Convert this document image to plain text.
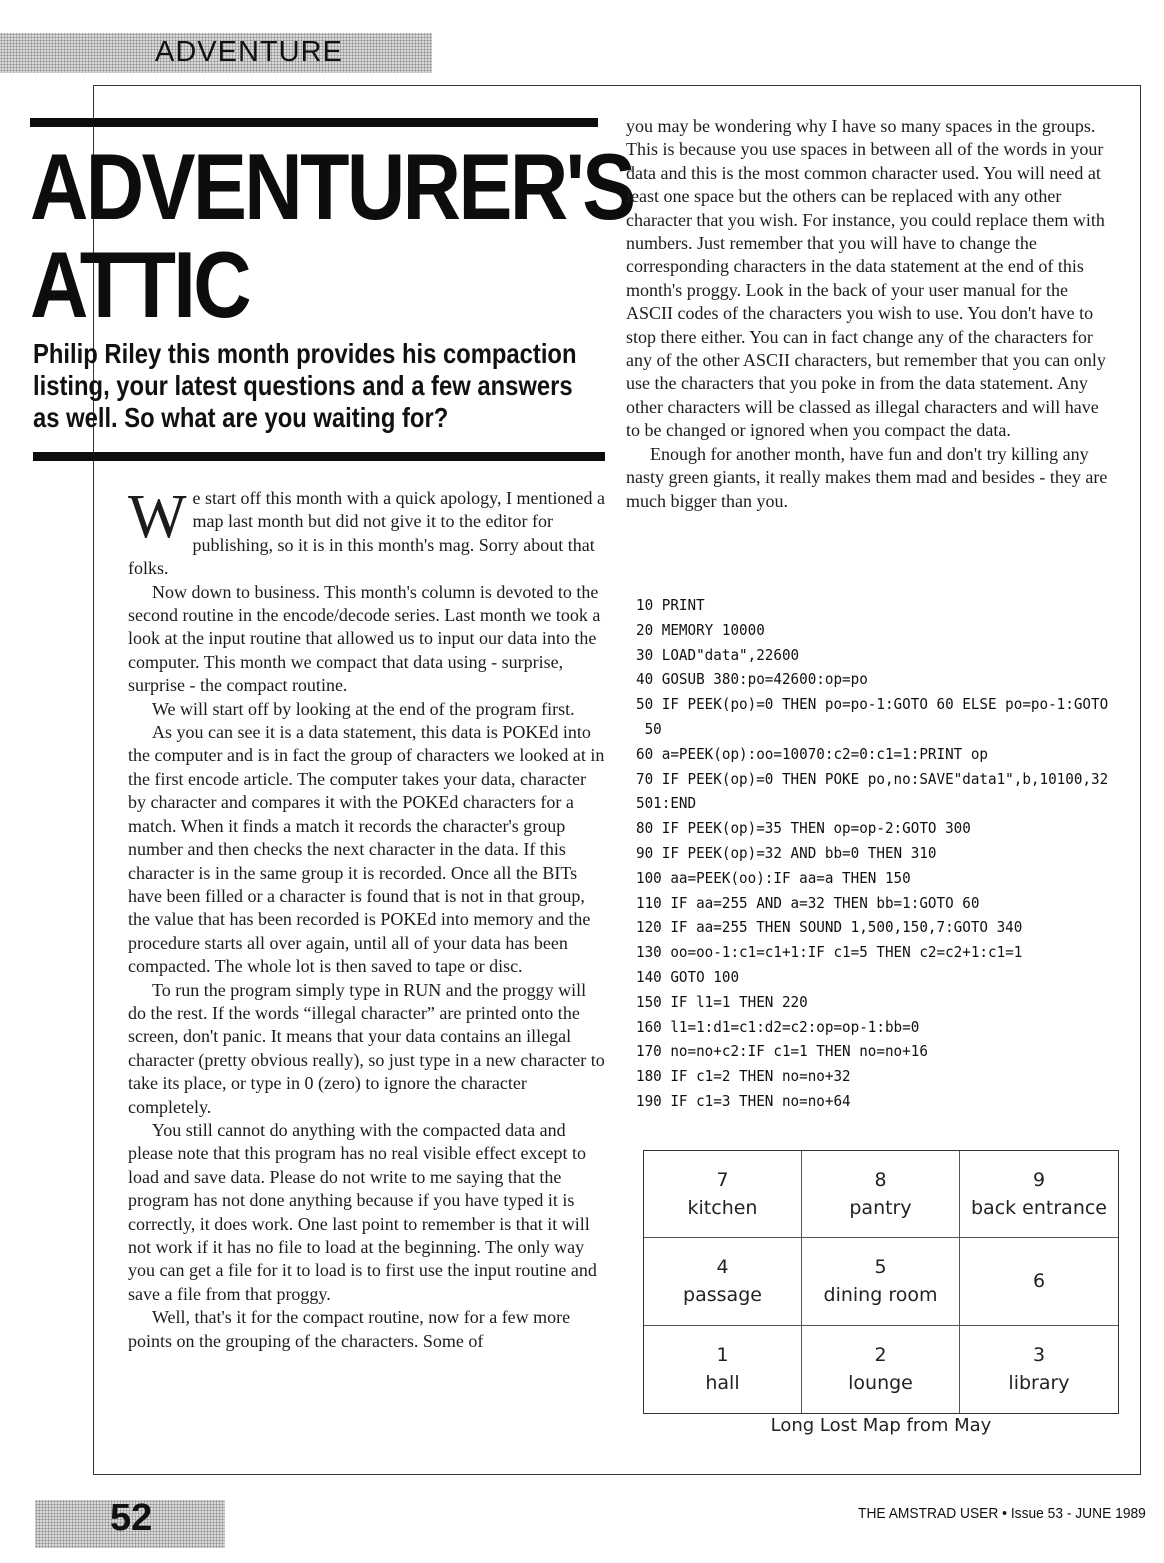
ADVENTURE
ADVENTURER'S
ATTIC

Philip Riley this month provides his compaction listing, your latest questions and a few answers as well. So what are you waiting for?

We start off this month with a quick apology, I mentioned a map last month but did not give it to the editor for publishing, so it is in this month's mag. Sorry about that folks.

Now down to business. This month's column is devoted to the second routine in the encode/decode series. Last month we took a look at the input routine that allowed us to input our data into the computer. This month we compact that data using - surprise, surprise - the compact routine.

We will start off by looking at the end of the program first.

As you can see it is a data statement, this data is POKEd into the computer and is in fact the group of characters we looked at in the first encode article. The computer takes your data, character by character and compares it with the POKEd characters for a match. When it finds a match it records the character's group number and then checks the next character in the data. If this character is in the same group it is recorded. Once all the BITs have been filled or a character is found that is not in that group, the value that has been recorded is POKEd into memory and the procedure starts all over again, until all of your data has been compacted. The whole lot is then saved to tape or disc.

To run the program simply type in RUN and the proggy will do the rest. If the words “illegal character” are printed onto the screen, don't panic. It means that your data contains an illegal character (pretty obvious really), so just type in a new character to take its place, or type in 0 (zero) to ignore the character completely.

You still cannot do anything with the compacted data and please note that this program has no real visible effect except to load and save data. Please do not write to me saying that the program has not done anything because if you have typed it is correctly, it does work. One last point to remember is that it will not work if it has no file to load at the beginning. The only way you can get a file for it to load is to first use the input routine and save a file from that proggy.

Well, that's it for the compact routine, now for a few more points on the grouping of the characters. Some of

you may be wondering why I have so many spaces in the groups. This is because you use spaces in between all of the words in your data and this is the most common character used. You will need at least one space but the others can be replaced with any other character that you wish. For instance, you could replace them with numbers. Just remember that you will have to change the corresponding characters in the data statement at the end of this month's proggy. Look in the back of your user manual for the ASCII codes of the characters you wish to use. You don't have to stop there either. You can in fact change any of the characters for any of the other ASCII characters, but remember that you can only use the characters that you poke in from the data statement. Any other characters will be classed as illegal characters and will have to be changed or ignored when you compact the data.

Enough for another month, have fun and don't try killing any nasty green giants, it really makes them mad and besides - they are much bigger than you.

10 PRINT
20 MEMORY 10000
30 LOAD"data",22600
40 GOSUB 380:po=42600:op=po
50 IF PEEK(po)=0 THEN po=po-1:GOTO 60 ELSE po=po-1:GOTO
50
60 a=PEEK(op):oo=10070:c2=0:c1=1:PRINT op
70 IF PEEK(op)=0 THEN POKE po,no:SAVE"data1",b,10100,32
501:END
80 IF PEEK(op)=35 THEN op=op-2:GOTO 300
90 IF PEEK(op)=32 AND bb=0 THEN 310
100 aa=PEEK(oo):IF aa=a THEN 150
110 IF aa=255 AND a=32 THEN bb=1:GOTO 60
120 IF aa=255 THEN SOUND 1,500,150,7:GOTO 340
130 oo=oo-1:c1=c1+1:IF c1=5 THEN c2=c2+1:c1=1
140 GOTO 100
150 IF l1=1 THEN 220
160 l1=1:d1=c1:d2=c2:op=op-1:bb=0
170 no=no+c2:IF c1=1 THEN no=no+16
180 IF c1=2 THEN no=no+32
190 IF c1=3 THEN no=no+64
7
kitchen
8
pantry
9
back entrance
4
passage
5
dining room
6
1
hall
2
lounge
3
library
Long Lost Map from May
52	THE AMSTRAD USER • Issue 53 - JUNE 1989
